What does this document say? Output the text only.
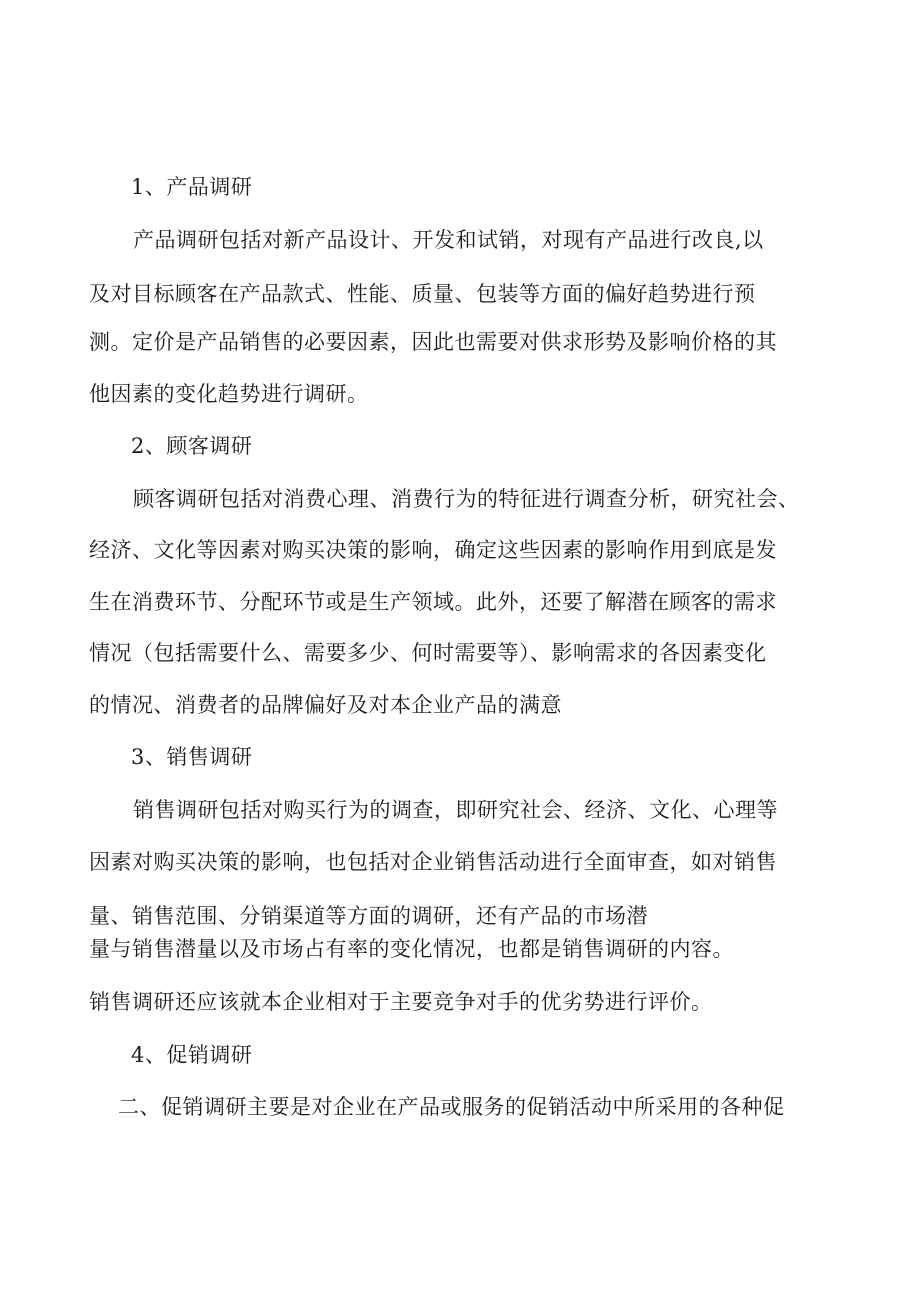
1、产品调研
产品调研包括对新产品设计、开发和试销，对现有产品进行改良,以
及对目标顾客在产品款式、性能、质量、包装等方面的偏好趋势进行预
测。定价是产品销售的必要因素，因此也需要对供求形势及影响价格的其
他因素的变化趋势进行调研。
2、顾客调研
顾客调研包括对消费心理、消费行为的特征进行调查分析，研究社会、
经济、文化等因素对购买决策的影响，确定这些因素的影响作用到底是发
生在消费环节、分配环节或是生产领域。此外，还要了解潜在顾客的需求
情况（包括需要什么、需要多少、何时需要等）、影响需求的各因素变化
的情况、消费者的品牌偏好及对本企业产品的满意
3、销售调研
销售调研包括对购买行为的调查，即研究社会、经济、文化、心理等
因素对购买决策的影响，也包括对企业销售活动进行全面审查，如对销售
量、销售范围、分销渠道等方面的调研，还有产品的市场潜
量与销售潜量以及市场占有率的变化情况，也都是销售调研的内容。
销售调研还应该就本企业相对于主要竞争对手的优劣势进行评价。
4、促销调研
二、促销调研主要是对企业在产品或服务的促销活动中所采用的各种促
